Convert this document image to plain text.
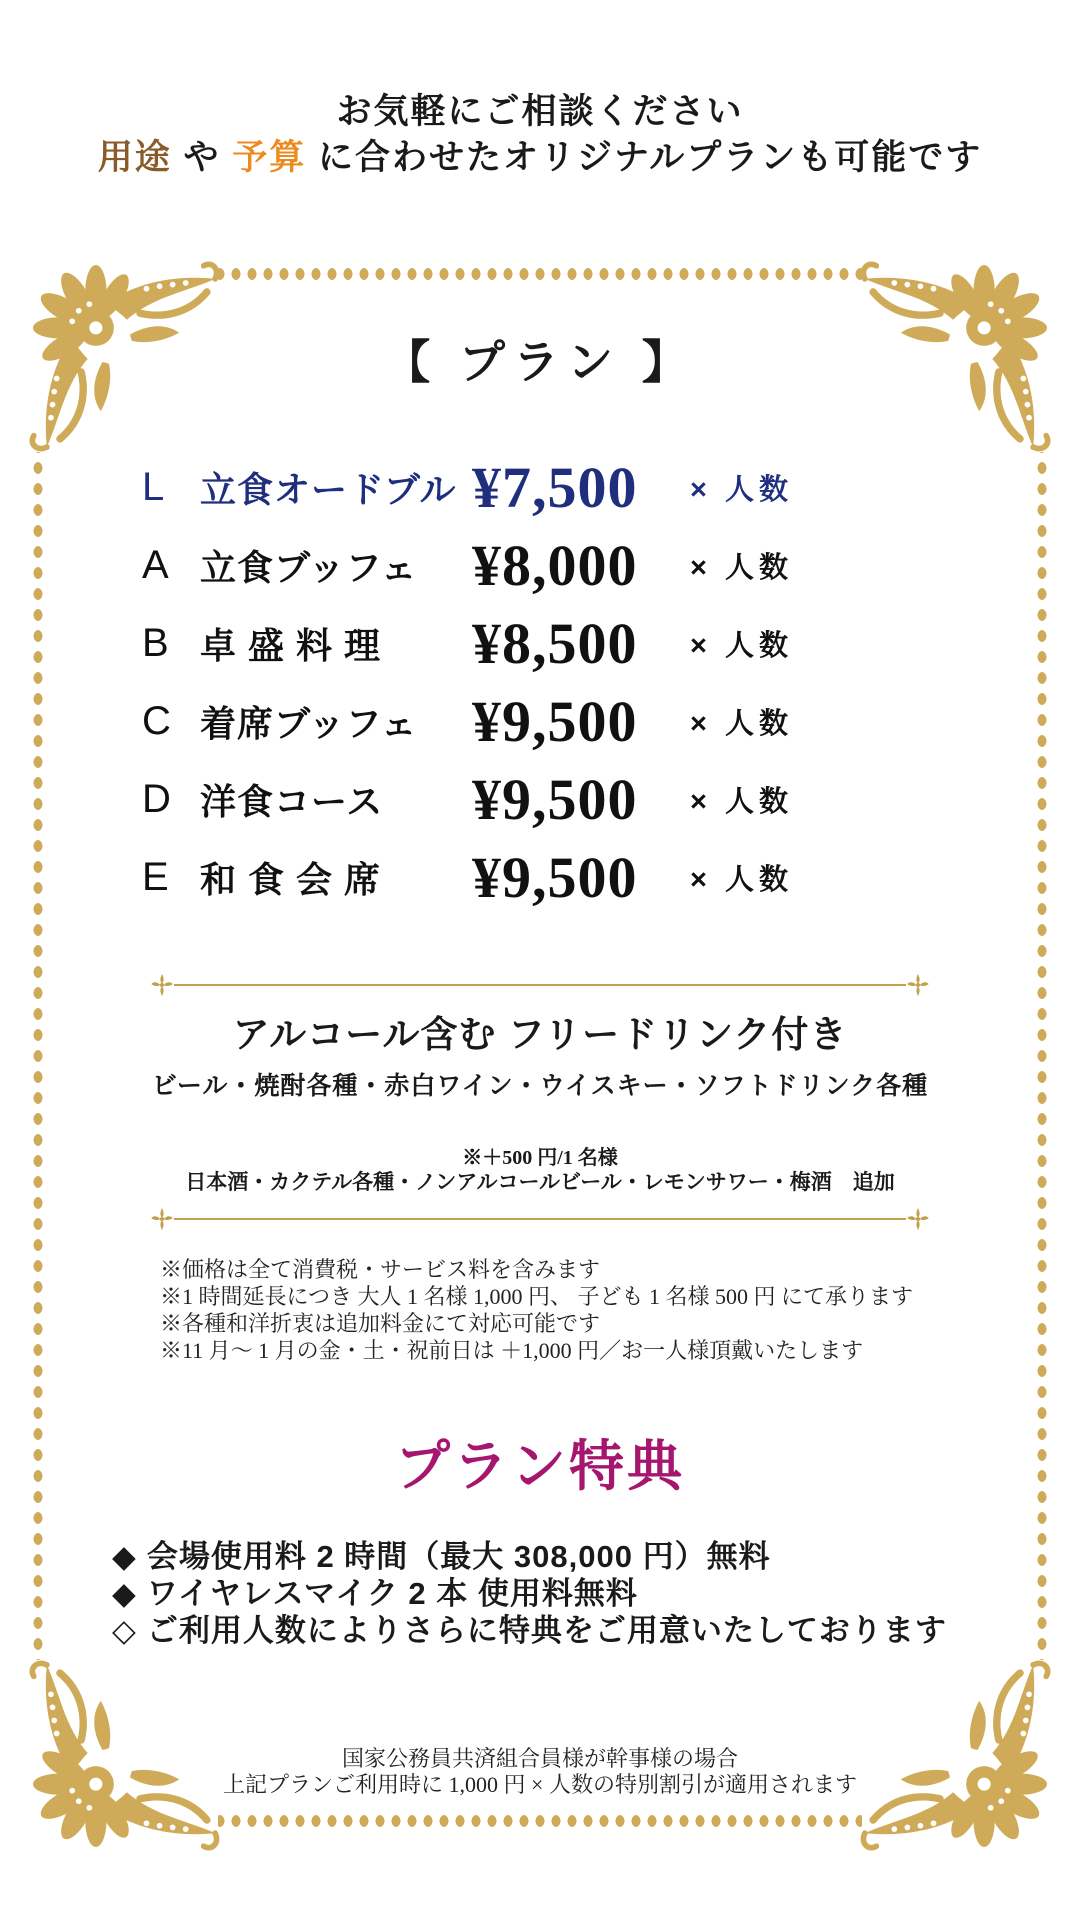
お気軽にご相談ください
用途 や 予算 に合わせたオリジナルプランも可能です
【 プラン 】
L 立食オードブル ¥7,500	× 人数
A 立食ブッフェ ¥8,000	× 人数
B 卓 盛 料 理	¥8,500	× 人数
C 着席ブッフェ ¥9,500	× 人数
D 洋食コース	¥9,500	× 人数
E 和 食 会 席	¥9,500	× 人数
アルコール含む フリードリンク付き
ビール・焼酎各種・赤白ワイン・ウイスキー・ソフトドリンク各種
※＋500 円/1 名様
日本酒・カクテル各種・ノンアルコールビール・レモンサワー・梅酒　追加
※価格は全て消費税・サービス料を含みます
※1 時間延長につき 大人 1 名様 1,000 円、 子ども 1 名様 500 円 にて承ります
※各種和洋折衷は追加料金にて対応可能です
※11 月～ 1 月の金・土・祝前日は ＋1,000 円／お一人様頂戴いたします
プラン特典
◆ 会場使用料 2 時間（最大 308,000 円）無料
◆ ワイヤレスマイク 2 本 使用料無料
◇ ご利用人数によりさらに特典をご用意いたしております
国家公務員共済組合員様が幹事様の場合
上記プランご利用時に 1,000 円 × 人数の特別割引が適用されます
